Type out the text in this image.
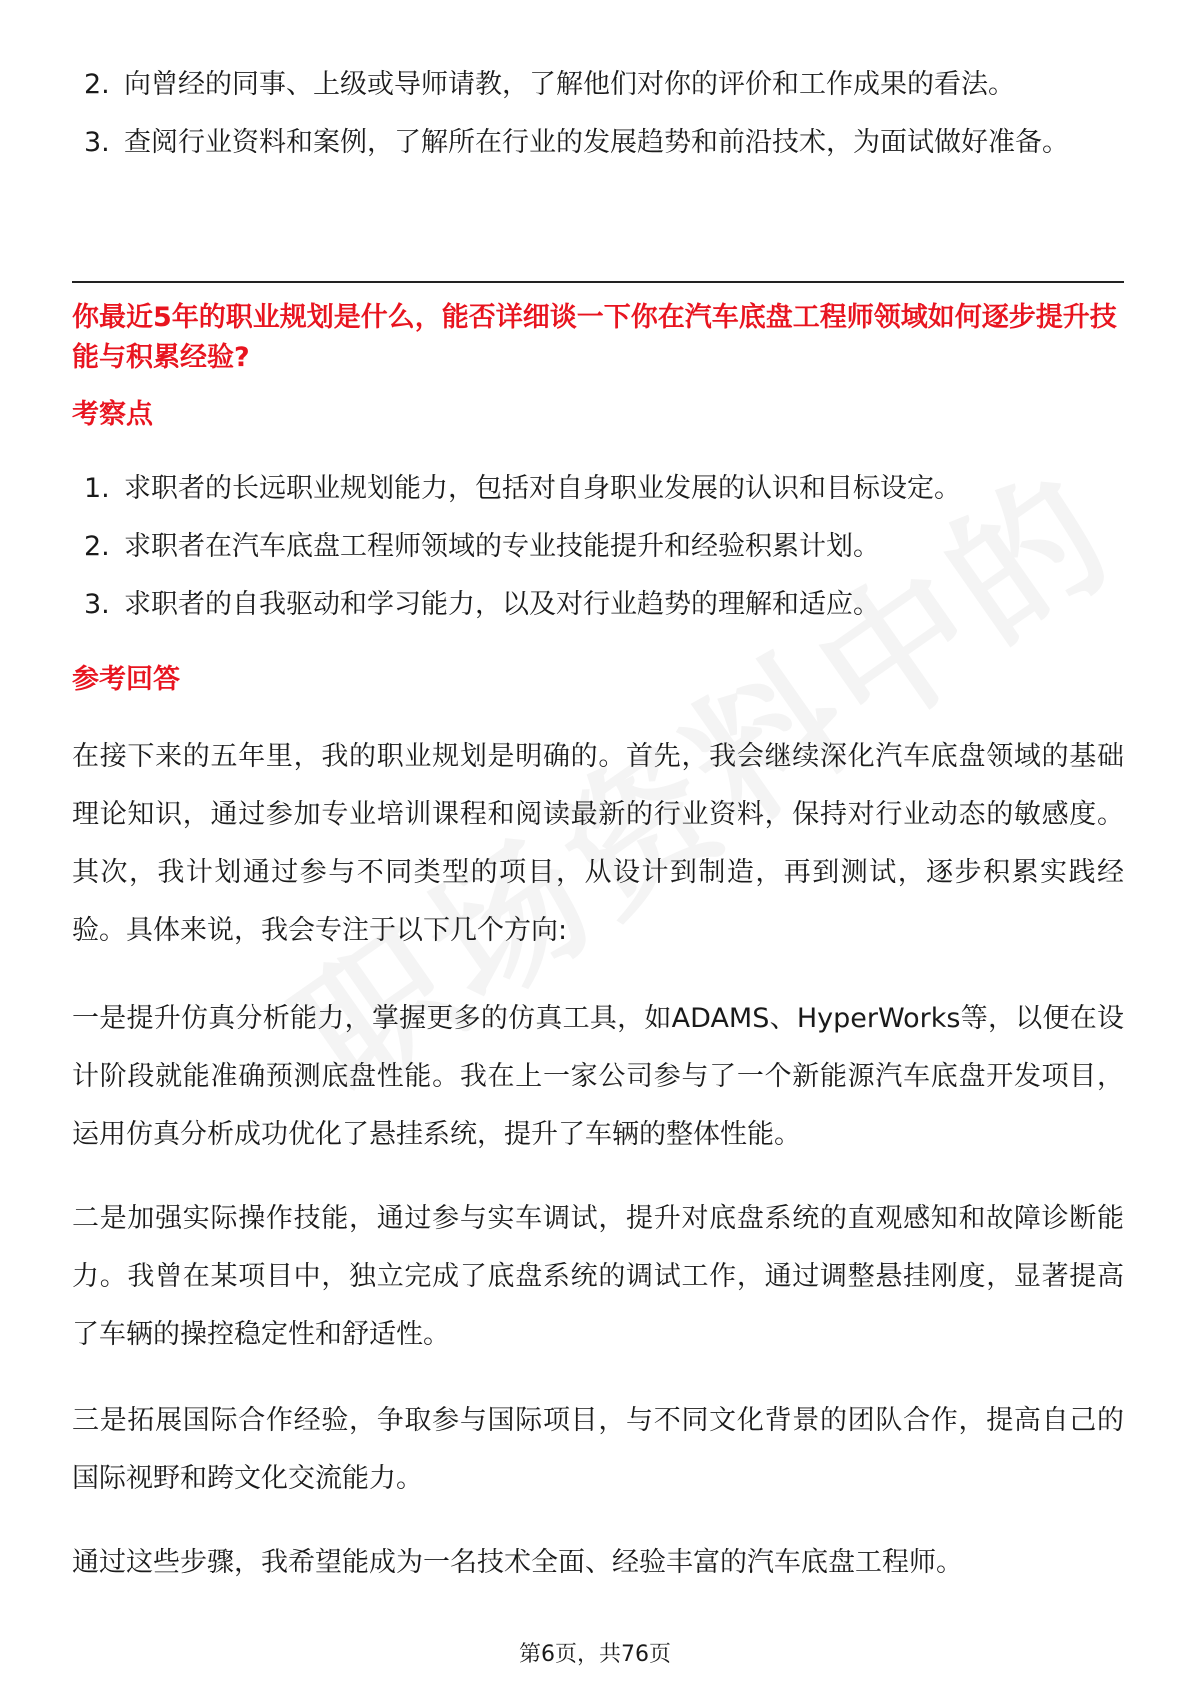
2. 向曾经的同事、上级或导师请教，了解他们对你的评价和工作成果的看法。
3. 查阅行业资料和案例，了解所在行业的发展趋势和前沿技术，为面试做好准备。

你最近5年的职业规划是什么，能否详细谈一下你在汽车底盘工程师领域如何逐步提升技能与积累经验?

考察点

1. 求职者的长远职业规划能力，包括对自身职业发展的认识和目标设定。
2. 求职者在汽车底盘工程师领域的专业技能提升和经验积累计划。
3. 求职者的自我驱动和学习能力，以及对行业趋势的理解和适应。

参考回答

在接下来的五年里，我的职业规划是明确的。首先，我会继续深化汽车底盘领域的基础理论知识，通过参加专业培训课程和阅读最新的行业资料，保持对行业动态的敏感度。其次，我计划通过参与不同类型的项目，从设计到制造，再到测试，逐步积累实践经验。具体来说，我会专注于以下几个方向:

一是提升仿真分析能力，掌握更多的仿真工具，如ADAMS、HyperWorks等，以便在设计阶段就能准确预测底盘性能。我在上一家公司参与了一个新能源汽车底盘开发项目，运用仿真分析成功优化了悬挂系统，提升了车辆的整体性能。

二是加强实际操作技能，通过参与实车调试，提升对底盘系统的直观感知和故障诊断能力。我曾在某项目中，独立完成了底盘系统的调试工作，通过调整悬挂刚度，显著提高了车辆的操控稳定性和舒适性。

三是拓展国际合作经验，争取参与国际项目，与不同文化背景的团队合作，提高自己的国际视野和跨文化交流能力。

通过这些步骤，我希望能成为一名技术全面、经验丰富的汽车底盘工程师。

第6页，共76页
